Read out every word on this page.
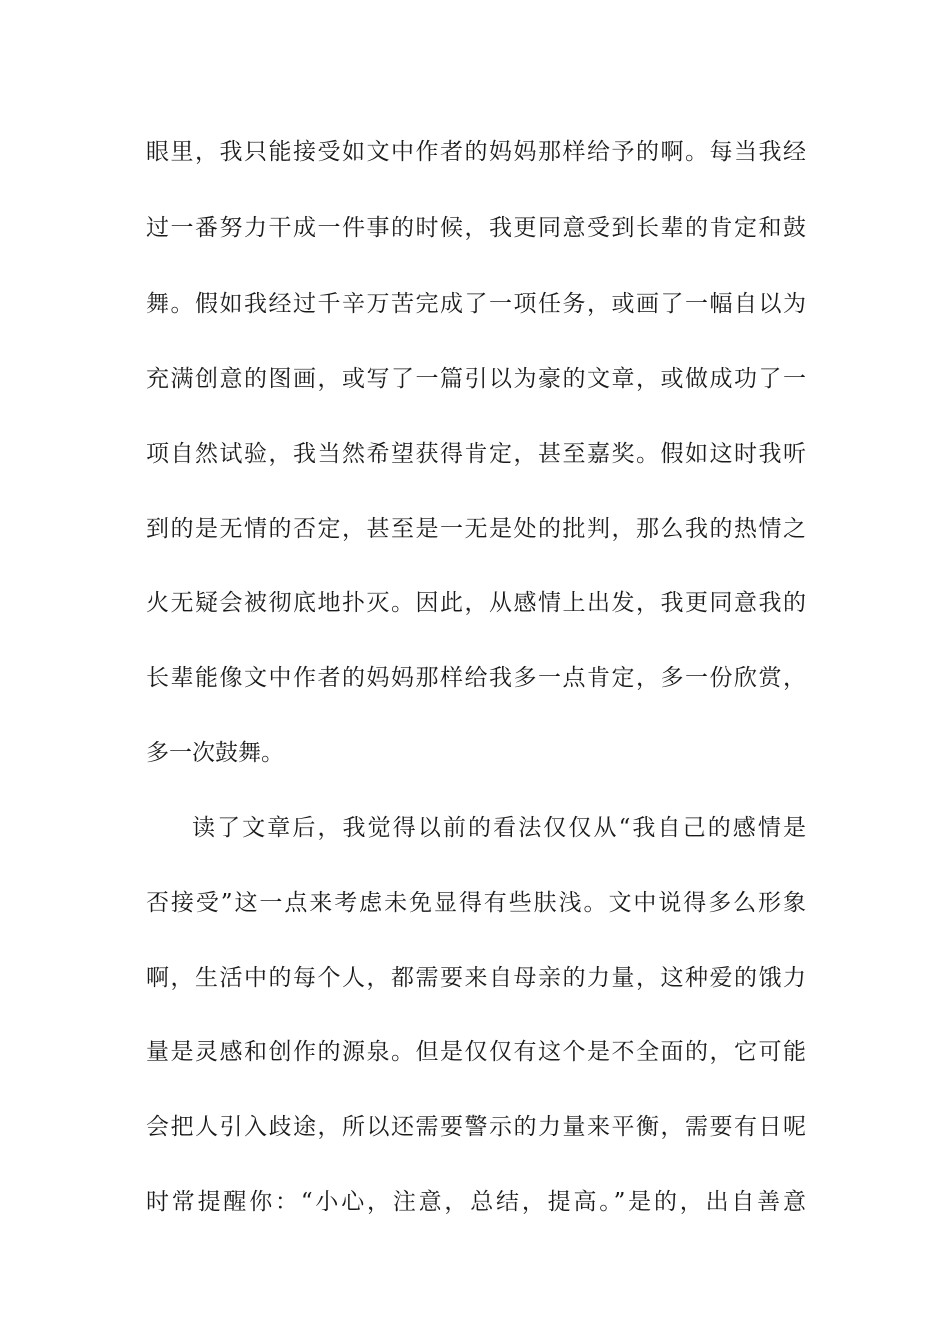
眼里，我只能接受如文中作者的妈妈那样给予的啊。每当我经
过一番努力干成一件事的时候，我更同意受到长辈的肯定和鼓
舞。假如我经过千辛万苦完成了一项任务，或画了一幅自以为
充满创意的图画，或写了一篇引以为豪的文章，或做成功了一
项自然试验，我当然希望获得肯定，甚至嘉奖。假如这时我听
到的是无情的否定，甚至是一无是处的批判，那么我的热情之
火无疑会被彻底地扑灭。因此，从感情上出发，我更同意我的
长辈能像文中作者的妈妈那样给我多一点肯定，多一份欣赏，
多一次鼓舞。
读了文章后，我觉得以前的看法仅仅从“我自己的感情是
否接受”这一点来考虑未免显得有些肤浅。文中说得多么形象
啊，生活中的每个人，都需要来自母亲的力量，这种爱的饿力
量是灵感和创作的源泉。但是仅仅有这个是不全面的，它可能
会把人引入歧途，所以还需要警示的力量来平衡，需要有日呢
时常提醒你：“小心，注意，总结，提高。”是的，出自善意
